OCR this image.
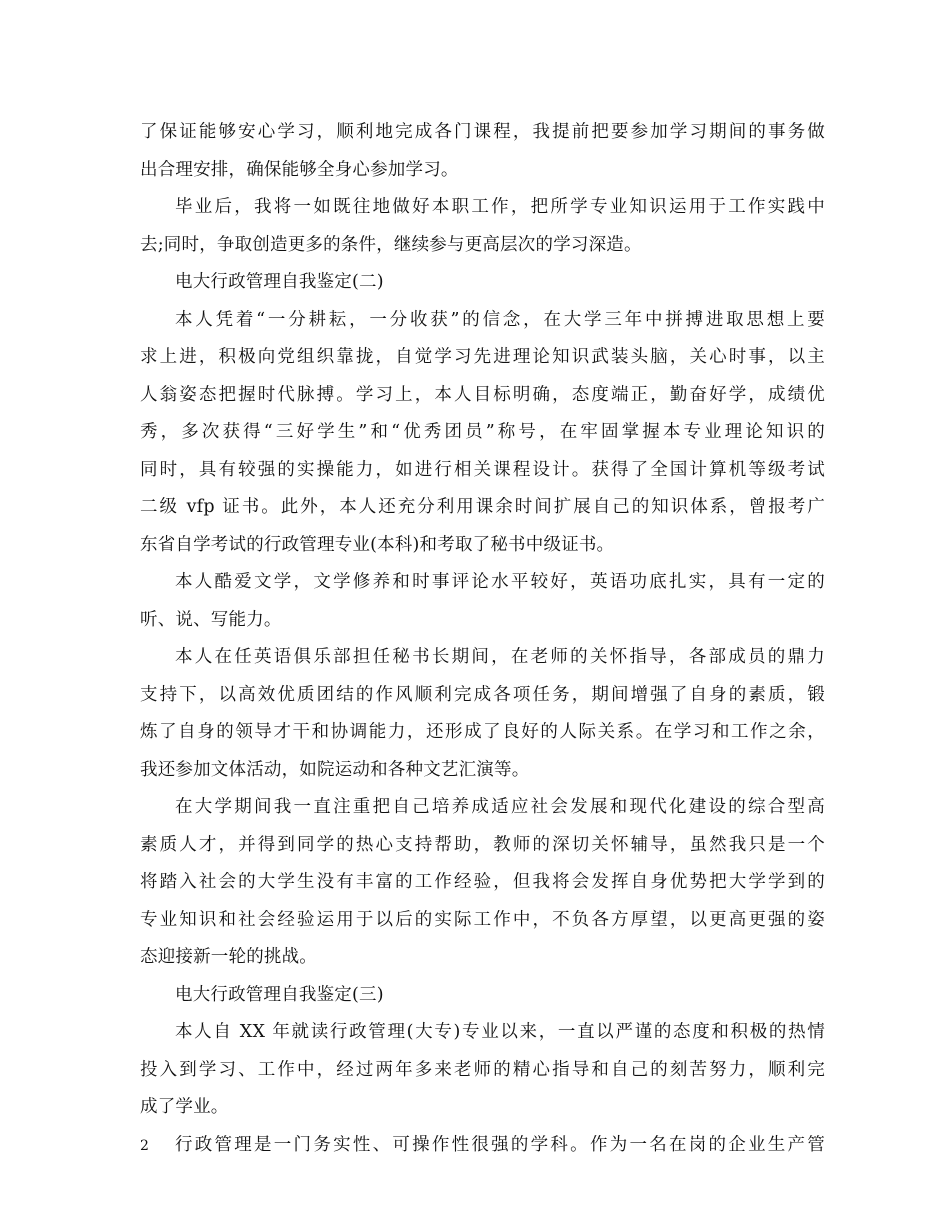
了保证能够安心学习，顺利地完成各门课程，我提前把要参加学习期间的事务做
出合理安排，确保能够全身心参加学习。
毕业后，我将一如既往地做好本职工作，把所学专业知识运用于工作实践中
去;同时，争取创造更多的条件，继续参与更高层次的学习深造。
电大行政管理自我鉴定(二)
本人凭着“一分耕耘，一分收获”的信念，在大学三年中拼搏进取思想上要
求上进，积极向党组织靠拢，自觉学习先进理论知识武装头脑，关心时事，以主
人翁姿态把握时代脉搏。学习上，本人目标明确，态度端正，勤奋好学，成绩优
秀，多次获得“三好学生”和“优秀团员”称号，在牢固掌握本专业理论知识的
同时，具有较强的实操能力，如进行相关课程设计。获得了全国计算机等级考试
二级 vfp 证书。此外，本人还充分利用课余时间扩展自己的知识体系，曾报考广
东省自学考试的行政管理专业(本科)和考取了秘书中级证书。
本人酷爱文学，文学修养和时事评论水平较好，英语功底扎实，具有一定的
听、说、写能力。
本人在任英语俱乐部担任秘书长期间，在老师的关怀指导，各部成员的鼎力
支持下，以高效优质团结的作风顺利完成各项任务，期间增强了自身的素质，锻
炼了自身的领导才干和协调能力，还形成了良好的人际关系。在学习和工作之余，
我还参加文体活动，如院运动和各种文艺汇演等。
在大学期间我一直注重把自己培养成适应社会发展和现代化建设的综合型高
素质人才，并得到同学的热心支持帮助，教师的深切关怀辅导，虽然我只是一个
将踏入社会的大学生没有丰富的工作经验，但我将会发挥自身优势把大学学到的
专业知识和社会经验运用于以后的实际工作中，不负各方厚望，以更高更强的姿
态迎接新一轮的挑战。
电大行政管理自我鉴定(三)
本人自 XX 年就读行政管理(大专)专业以来，一直以严谨的态度和积极的热情
投入到学习、工作中，经过两年多来老师的精心指导和自己的刻苦努力，顺利完
成了学业。
行政管理是一门务实性、可操作性很强的学科。作为一名在岗的企业生产管
2
